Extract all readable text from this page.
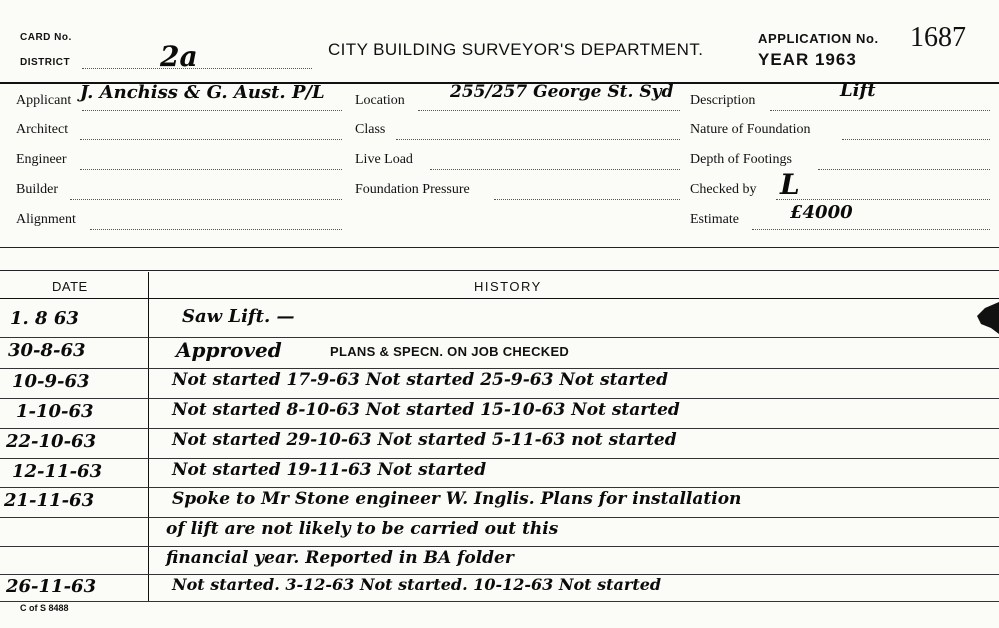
CARD No.
DISTRICT	2a	CITY BUILDING SURVEYOR'S DEPARTMENT.
APPLICATION No. 1687
YEAR 1963
Applicant J. Anchiss & G. Aust. P/L
Architect
Engineer
Builder
Alignment
Location	255/257 George St. Syd
Class
Live Load
Foundation Pressure
Description	Lift
Nature of Foundation
Depth of Footings
Checked by L
Estimate	£4000
DATE	HISTORY
1. 8 63	Saw Lift. —
30-8-63	Approved	PLANS & SPECN. ON JOB CHECKED
10-9-63	Not started 17-9-63 Not started 25-9-63 Not started
1-10-63	Not started 8-10-63 Not started 15-10-63 Not started
22-10-63	Not started 29-10-63 Not started 5-11-63 not started
12-11-63	Not started 19-11-63 Not started
21-11-63	Spoke to Mr Stone engineer W. Inglis. Plans for installation
of lift are not likely to be carried out this
financial year. Reported in BA folder
26-11-63	Not started. 3-12-63 Not started. 10-12-63 Not started
C of S 8488
